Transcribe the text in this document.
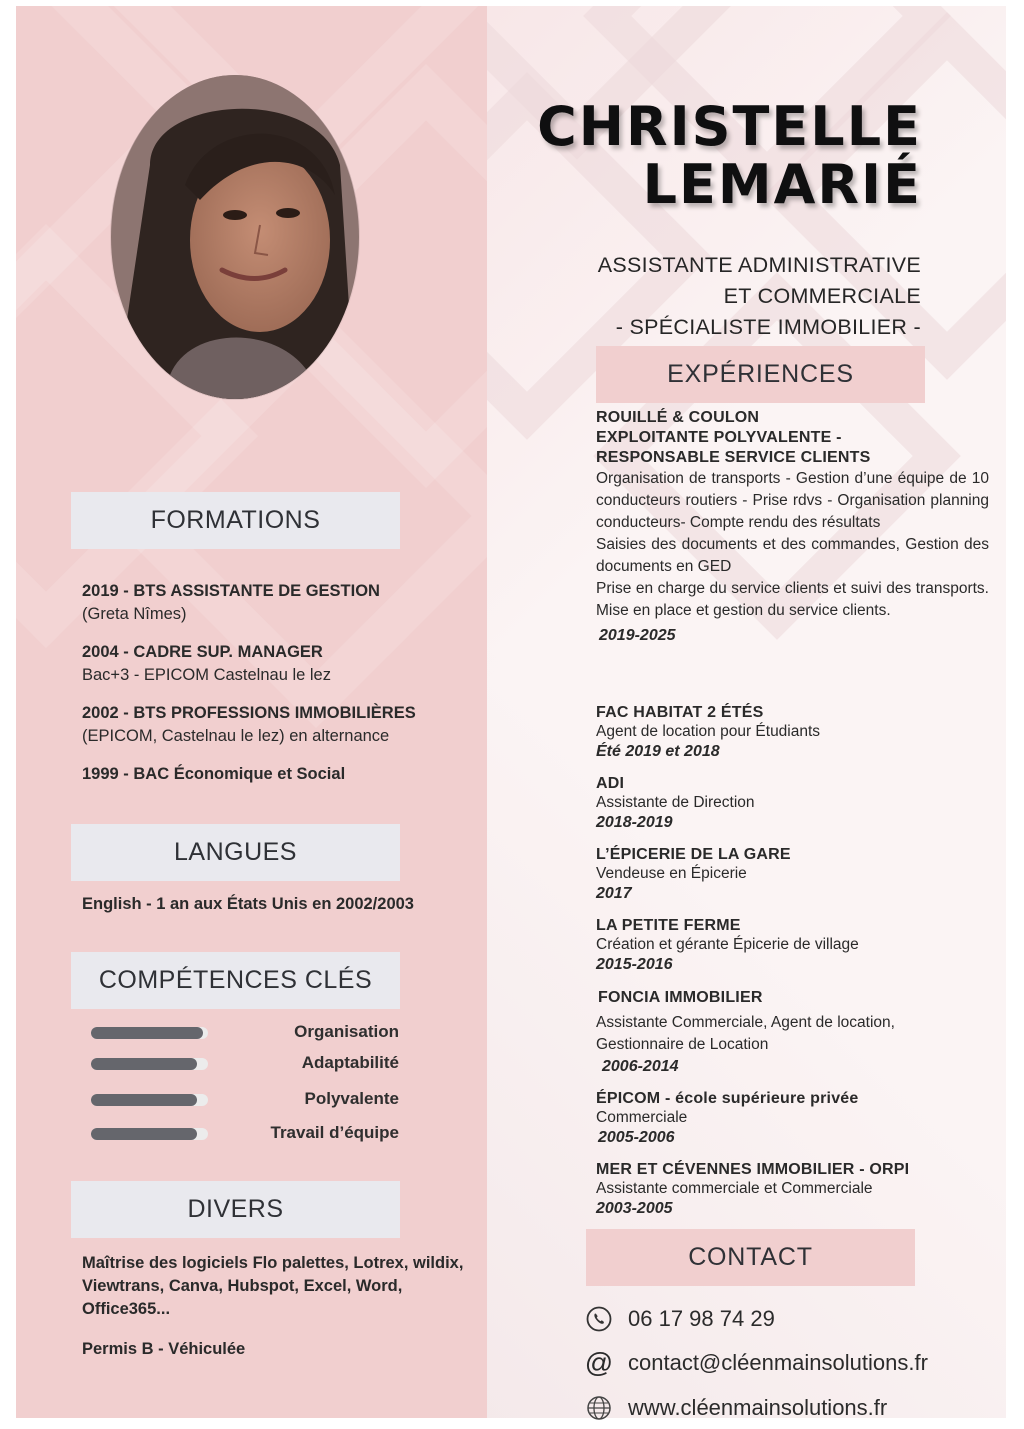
FORMATIONS
2019 - BTS ASSISTANTE DE GESTION
(Greta Nîmes)
2004 - CADRE SUP. MANAGER
Bac+3 - EPICOM Castelnau le lez
2002 - BTS PROFESSIONS IMMOBILIÈRES
(EPICOM, Castelnau le lez) en alternance
1999 - BAC Économique et Social
LANGUES
English - 1 an aux États Unis en 2002/2003
COMPÉTENCES CLÉS
Organisation
Adaptabilité
Polyvalente
Travail d’équipe
DIVERS
Maîtrise des logiciels Flo palettes, Lotrex, wildix, Viewtrans, Canva, Hubspot, Excel, Word, Office365...
Permis B - Véhiculée
CHRISTELLE
LEMARIÉ
ASSISTANTE ADMINISTRATIVE
ET COMMERCIALE
- SPÉCIALISTE IMMOBILIER -
EXPÉRIENCES
ROUILLÉ & COULON
EXPLOITANTE POLYVALENTE -
RESPONSABLE SERVICE CLIENTS
Organisation de transports - Gestion d’une équipe de 10 conducteurs routiers - Prise rdvs - Organisation planning conducteurs- Compte rendu des résultats
Saisies des documents et des commandes, Gestion des documents en GED
Prise en charge du service clients et suivi des transports. Mise en place et gestion du service clients.
2019-2025
FAC HABITAT 2 ÉTÉS
Agent de location pour Étudiants
Été 2019 et 2018
ADI
Assistante de Direction
2018-2019
L’ÉPICERIE DE LA GARE
Vendeuse en Épicerie
2017
LA PETITE FERME
Création et gérante Épicerie de village
2015-2016
FONCIA IMMOBILIER
Assistante Commerciale, Agent de location, Gestionnaire de Location
2006-2014
ÉPICOM - école supérieure privée
Commerciale
2005-2006
MER ET CÉVENNES IMMOBILIER - ORPI
Assistante commerciale et Commerciale
2003-2005
CONTACT
06 17 98 74 29
@ contact@cléenmainsolutions.fr
www.cléenmainsolutions.fr
